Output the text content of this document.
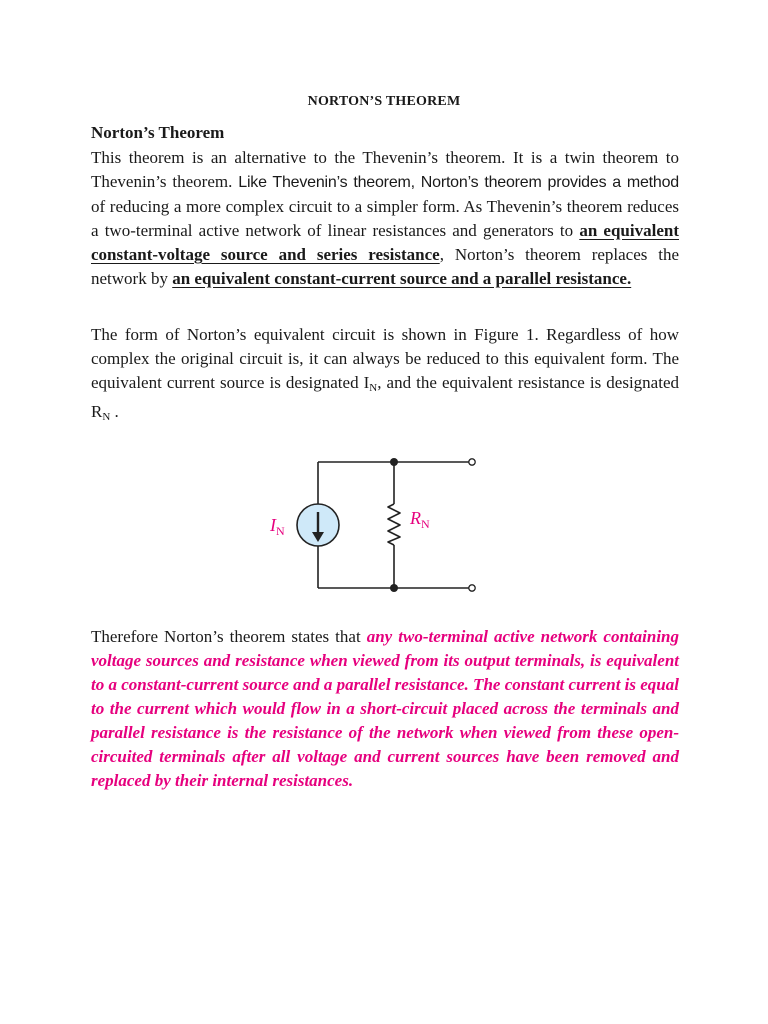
NORTON’S THEOREM

Norton’s Theorem

This theorem is an alternative to the Thevenin’s theorem. It is a twin theorem to Thevenin’s theorem. Like Thevenin’s theorem, Norton’s theorem provides a method of reducing a more complex circuit to a simpler form. As Thevenin’s theorem reduces a two-terminal active network of linear resistances and generators to an equivalent constant-voltage source and series resistance, Norton’s theorem replaces the network by an equivalent constant-current source and a parallel resistance.

The form of Norton’s equivalent circuit is shown in Figure 1. Regardless of how complex the original circuit is, it can always be reduced to this equivalent form. The equivalent current source is designated $I_N$, and the equivalent resistance is designated $R_N$ .

$I_N$
$R_N$

Therefore Norton’s theorem states that any two-terminal active network containing voltage sources and resistance when viewed from its output terminals, is equivalent to a constant-current source and a parallel resistance. The constant current is equal to the current which would flow in a short-circuit placed across the terminals and parallel resistance is the resistance of the network when viewed from these open-circuited terminals after all voltage and current sources have been removed and replaced by their internal resistances.
